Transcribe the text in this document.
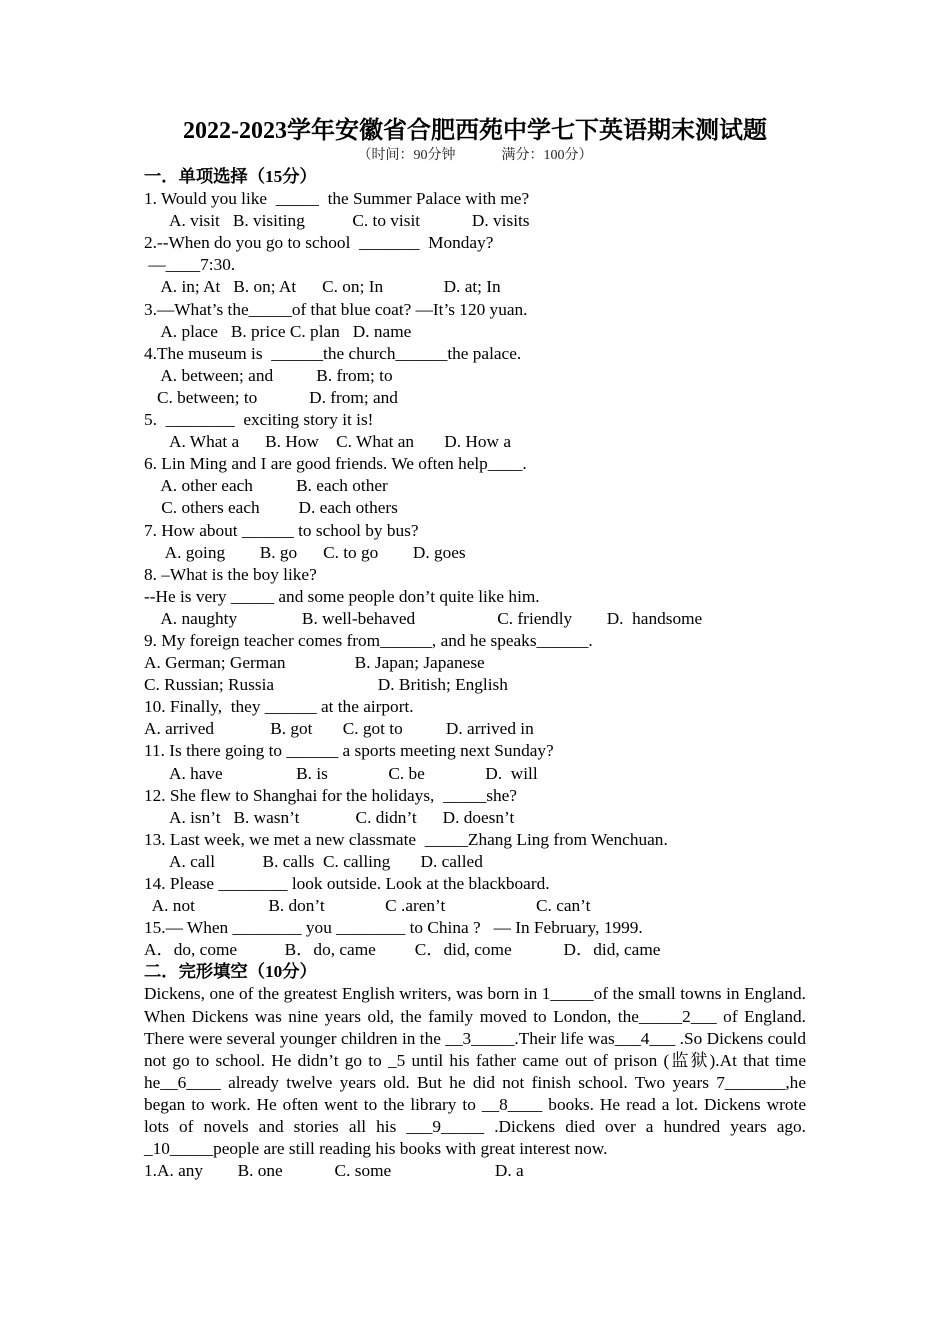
2022-2023学年安徽省合肥西苑中学七下英语期末测试题
（时间：90分钟	满分：100分）
一．单项选择（15分）
1. Would you like  _____  the Summer Palace with me?
A. visit   B. visiting           C. to visit            D. visits
2.--When do you go to school  _______  Monday?
—____7:30.
A. in; At   B. on; At      C. on; In              D. at; In
3.—What’s the_____of that blue coat? —It’s 120 yuan.
A. place   B. price C. plan   D. name
4.The museum is  ______the church______the palace.
A. between; and          B. from; to
C. between; to            D. from; and
5.  ________  exciting story it is!
A. What a      B. How    C. What an       D. How a
6. Lin Ming and I are good friends. We often help____.
A. other each          B. each other
C. others each         D. each others
7. How about ______ to school by bus?
A. going        B. go      C. to go        D. goes
8. –What is the boy like?
--He is very _____ and some people don’t quite like him.
A. naughty               B. well-behaved                   C. friendly        D.  handsome
9. My foreign teacher comes from______, and he speaks______.
A. German; German                B. Japan; Japanese
C. Russian; Russia                        D. British; English
10. Finally,  they ______ at the airport.
A. arrived             B. got       C. got to          D. arrived in
11. Is there going to ______ a sports meeting next Sunday?
A. have                 B. is              C. be              D.  will
12. She flew to Shanghai for the holidays,  _____she?
A. isn’t   B. wasn’t             C. didn’t      D. doesn’t
13. Last week, we met a new classmate  _____Zhang Ling from Wenchuan.
A. call           B. calls  C. calling       D. called
14. Please ________ look outside. Look at the blackboard.
A. not                 B. don’t              C .aren’t                     C. can’t
15.— When ________ you ________ to China ?   — In February, 1999.
A．do, come           B．do, came         C．did, come            D．did, came
二．完形填空（10分）
Dickens, one of the greatest English writers, was born in 1_____of the small towns in England. When Dickens was nine years old, the family moved to London, the_____2___ of England. There were several younger children in the __3_____.Their life was___4___ .So Dickens could not go to school. He didn’t go to _5 until his father came out of prison (监狱).At that time he__6____ already twelve years old. But he did not finish school. Two years 7_______,he began to work. He often went to the library to __8____ books. He read a lot. Dickens wrote lots of novels and stories all his ___9_____ .Dickens died over a hundred years ago. _10_____people are still reading his books with great interest now.
1.A. any        B. one            C. some                        D. a
